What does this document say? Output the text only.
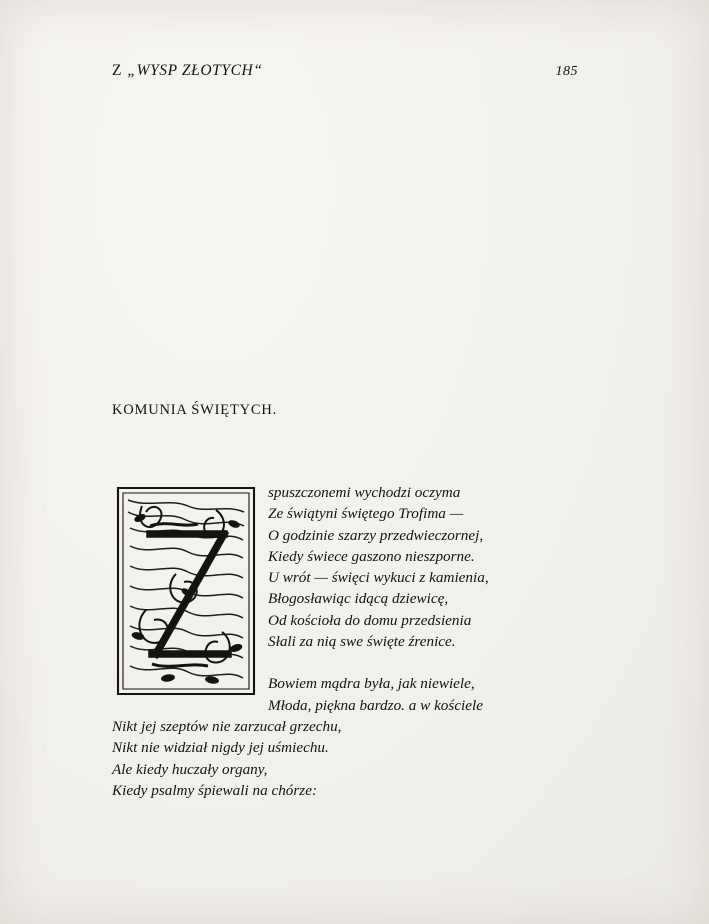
Z „WYSP ZŁOTYCH“	185
KOMUNIA ŚWIĘTYCH.
spuszczonemi wychodzi oczyma
Ze świątyni świętego Trofima —
O godzinie szarzy przedwieczornej,
Kiedy świece gaszono nieszporne.
U wrót — święci wykuci z kamienia,
Błogosławiąc idącą dziewicę,
Od kościoła do domu przedsienia
Słali za nią swe święte źrenice.
Bowiem mądra była, jak niewiele,
Młoda, piękna bardzo. a w kościele
Nikt jej szeptów nie zarzucał grzechu,
Nikt nie widział nigdy jej uśmiechu.
Ale kiedy huczały organy,
Kiedy psalmy śpiewali na chórze:
